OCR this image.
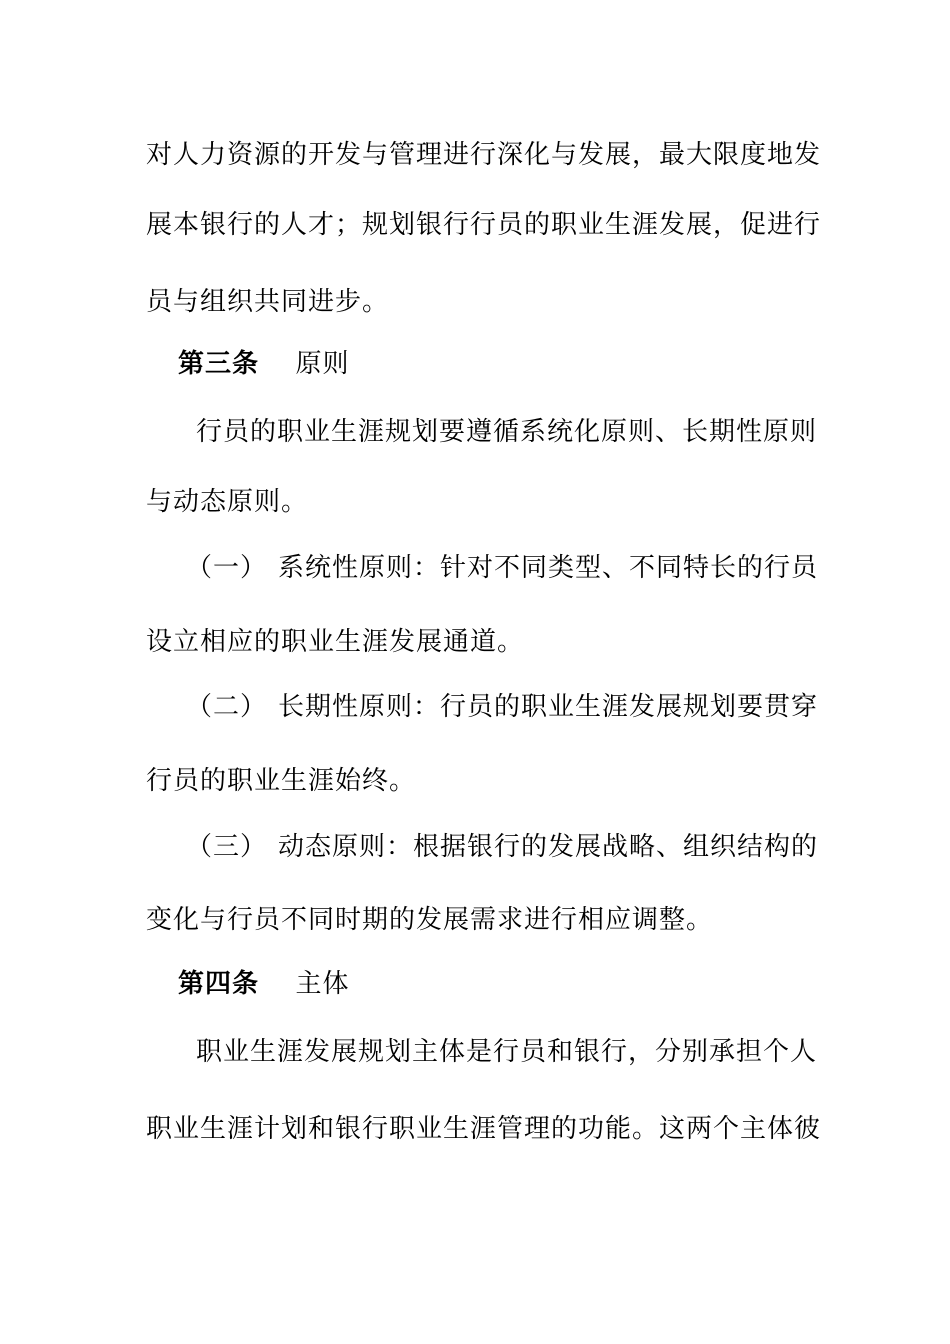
对人力资源的开发与管理进行深化与发展，最大限度地发
展本银行的人才；规划银行行员的职业生涯发展，促进行
员与组织共同进步。
第三条 原则
行员的职业生涯规划要遵循系统化原则、长期性原则
与动态原则。
（一） 系统性原则：针对不同类型、不同特长的行员
设立相应的职业生涯发展通道。
（二） 长期性原则：行员的职业生涯发展规划要贯穿
行员的职业生涯始终。
（三） 动态原则：根据银行的发展战略、组织结构的
变化与行员不同时期的发展需求进行相应调整。
第四条 主体
职业生涯发展规划主体是行员和银行，分别承担个人
职业生涯计划和银行职业生涯管理的功能。这两个主体彼
